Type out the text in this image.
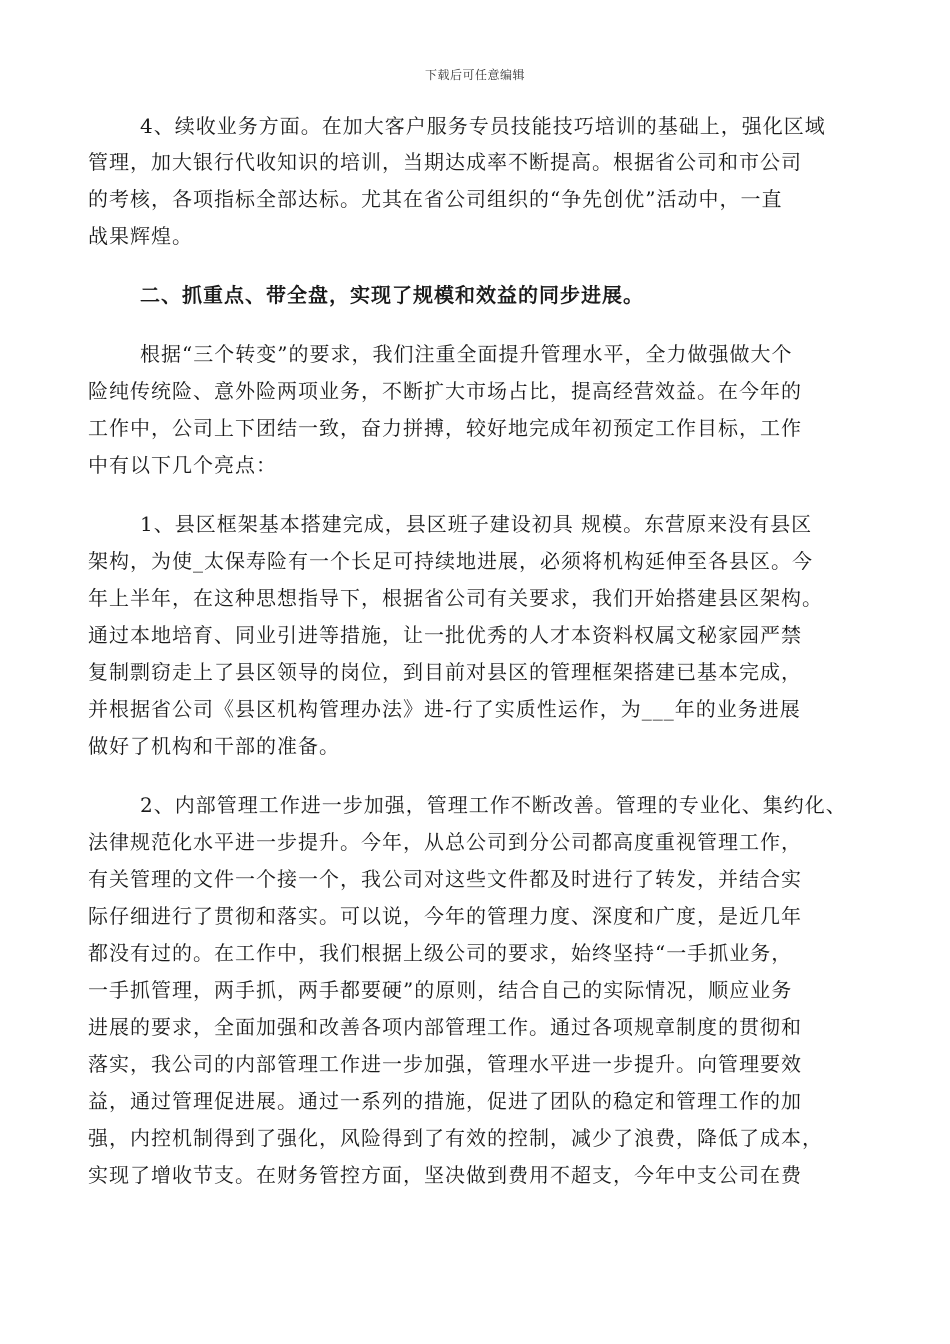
下载后可任意编辑
4、续收业务方面。在加大客户服务专员技能技巧培训的基础上，强化区域
管理，加大银行代收知识的培训，当期达成率不断提高。根据省公司和市公司
的考核，各项指标全部达标。尤其在省公司组织的“争先创优”活动中，一直
战果辉煌。
二、抓重点、带全盘，实现了规模和效益的同步进展。
根据“三个转变”的要求，我们注重全面提升管理水平，全力做强做大个
险纯传统险、意外险两项业务，不断扩大市场占比，提高经营效益。在今年的
工作中，公司上下团结一致，奋力拼搏，较好地完成年初预定工作目标，工作
中有以下几个亮点：
1、县区框架基本搭建完成，县区班子建设初具 规模。东营原来没有县区
架构，为使_太保寿险有一个长足可持续地进展，必须将机构延伸至各县区。今
年上半年，在这种思想指导下，根据省公司有关要求，我们开始搭建县区架构。
通过本地培育、同业引进等措施，让一批优秀的人才本资料权属文秘家园严禁
复制剽窃走上了县区领导的岗位，到目前对县区的管理框架搭建已基本完成，
并根据省公司《县区机构管理办法》进-行了实质性运作，为___年的业务进展
做好了机构和干部的准备。
2、内部管理工作进一步加强，管理工作不断改善。管理的专业化、集约化、
法律规范化水平进一步提升。今年，从总公司到分公司都高度重视管理工作，
有关管理的文件一个接一个，我公司对这些文件都及时进行了转发，并结合实
际仔细进行了贯彻和落实。可以说，今年的管理力度、深度和广度，是近几年
都没有过的。在工作中，我们根据上级公司的要求，始终坚持“一手抓业务，
一手抓管理，两手抓，两手都要硬”的原则，结合自己的实际情况，顺应业务
进展的要求，全面加强和改善各项内部管理工作。通过各项规章制度的贯彻和
落实，我公司的内部管理工作进一步加强，管理水平进一步提升。向管理要效
益，通过管理促进展。通过一系列的措施，促进了团队的稳定和管理工作的加
强，内控机制得到了强化，风险得到了有效的控制，减少了浪费，降低了成本，
实现了增收节支。在财务管控方面，坚决做到费用不超支，今年中支公司在费
